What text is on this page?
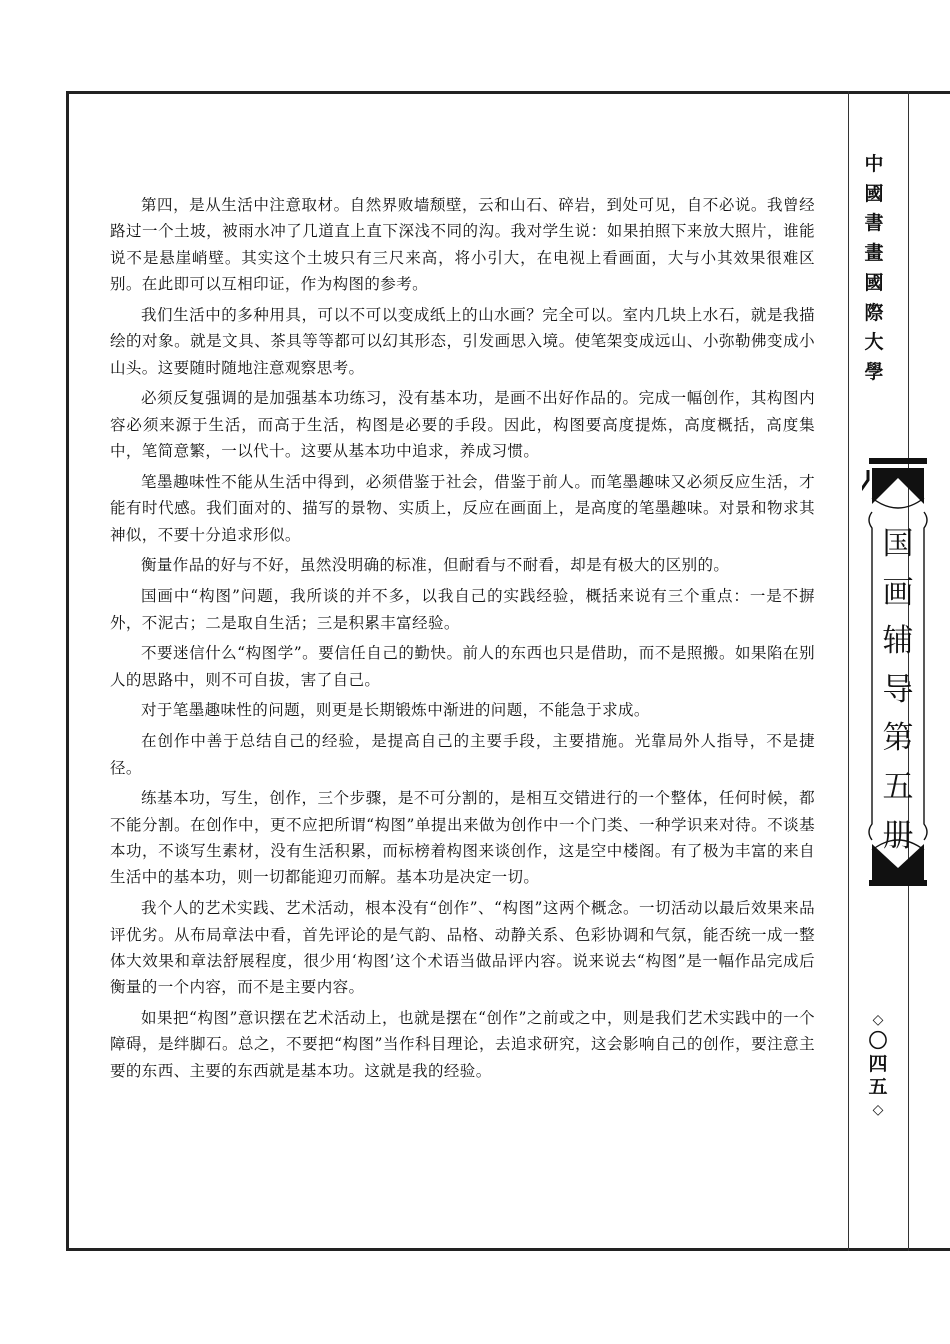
第四，是从生活中注意取材。自然界败墙颓壁，云和山石、碎岩，到处可见，自不必说。我曾经路过一个土坡，被雨水冲了几道直上直下深浅不同的沟。我对学生说：如果拍照下来放大照片，谁能说不是悬崖峭壁。其实这个土坡只有三尺来高，将小引大，在电视上看画面，大与小其效果很难区别。在此即可以互相印证，作为构图的参考。

我们生活中的多种用具，可以不可以变成纸上的山水画？完全可以。室内几块上水石，就是我描绘的对象。就是文具、茶具等等都可以幻其形态，引发画思入境。使笔架变成远山、小弥勒佛变成小山头。这要随时随地注意观察思考。

必须反复强调的是加强基本功练习，没有基本功，是画不出好作品的。完成一幅创作，其构图内容必须来源于生活，而高于生活，构图是必要的手段。因此，构图要高度提炼，高度概括，高度集中，笔简意繁，一以代十。这要从基本功中追求，养成习惯。

笔墨趣味性不能从生活中得到，必须借鉴于社会，借鉴于前人。而笔墨趣味又必须反应生活，才能有时代感。我们面对的、描写的景物、实质上，反应在画面上，是高度的笔墨趣味。对景和物求其神似，不要十分追求形似。

衡量作品的好与不好，虽然没明确的标准，但耐看与不耐看，却是有极大的区别的。

国画中“构图”问题，我所谈的并不多，以我自己的实践经验，概括来说有三个重点：一是不摒外，不泥古；二是取自生活；三是积累丰富经验。

不要迷信什么“构图学”。要信任自己的勤快。前人的东西也只是借助，而不是照搬。如果陷在别人的思路中，则不可自拔，害了自己。

对于笔墨趣味性的问题，则更是长期锻炼中渐进的问题，不能急于求成。

在创作中善于总结自己的经验，是提高自己的主要手段，主要措施。光靠局外人指导，不是捷径。

练基本功，写生，创作，三个步骤，是不可分割的，是相互交错进行的一个整体，任何时候，都不能分割。在创作中，更不应把所谓“构图”单提出来做为创作中一个门类、一种学识来对待。不谈基本功，不谈写生素材，没有生活积累，而标榜着构图来谈创作，这是空中楼阁。有了极为丰富的来自生活中的基本功，则一切都能迎刃而解。基本功是决定一切。

我个人的艺术实践、艺术活动，根本没有“创作”、“构图”这两个概念。一切活动以最后效果来品评优劣。从布局章法中看，首先评论的是气韵、品格、动静关系、色彩协调和气氛，能否统一成一整体大效果和章法舒展程度，很少用‘构图’这个术语当做品评内容。说来说去“构图”是一幅作品完成后衡量的一个内容，而不是主要内容。

如果把“构图”意识摆在艺术活动上，也就是摆在“创作”之前或之中，则是我们艺术实践中的一个障碍，是绊脚石。总之，不要把“构图”当作科目理论，去追求研究，这会影响自己的创作，要注意主要的东西、主要的东西就是基本功。这就是我的经验。

中國書畫國際大學
国画辅导第五册
◇
〇四五
◇
